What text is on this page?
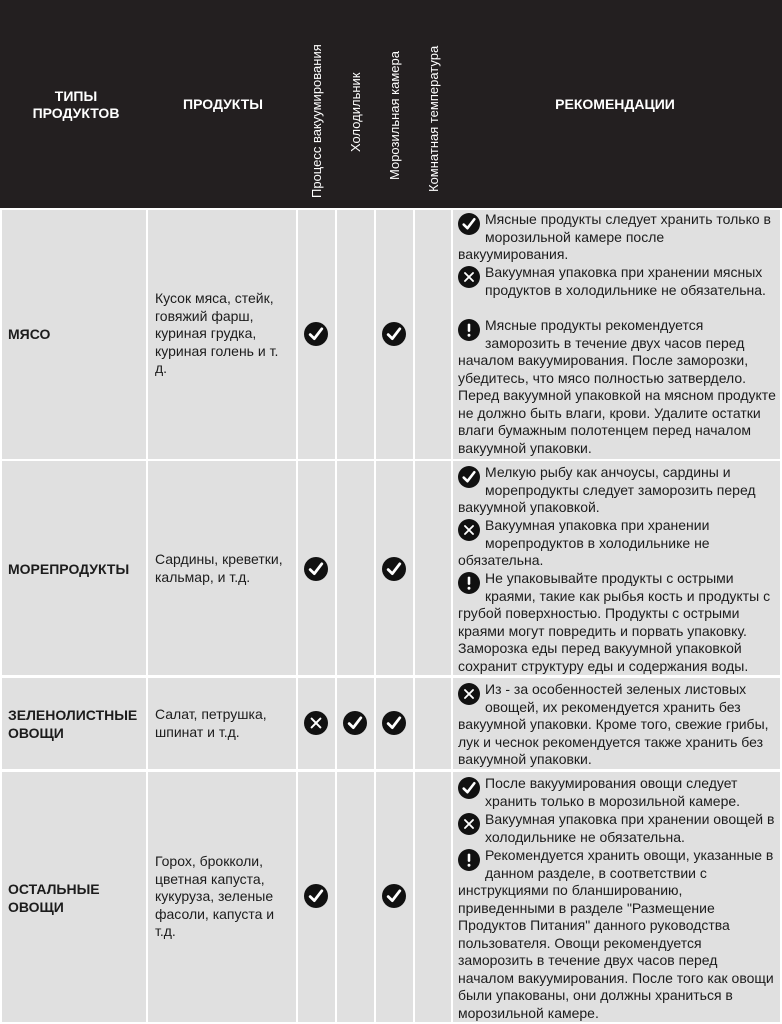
ТИПЫ ПРОДУКТОВ
ПРОДУКТЫ	Процесс вакуумирования Холодильник Морозильная камера Комнатная температура	РЕКОМЕНДАЦИИ
МЯСО
Кусок мяса, стейк, говяжий фарш, куриная грудка, куриная голень и т. д.
Мясные продукты следует хранить только в морозильной камере после вакуумирования.
Вакуумная упаковка при хранении мясных продуктов в холодильнике не обязательна.
Мясные продукты рекомендуется заморозить в течение двух часов перед началом вакуумирования. После заморозки, убедитесь, что мясо полностью затвердело. Перед вакуумной упаковкой на мясном продукте не должно быть влаги, крови. Удалите остатки влаги бумажным полотенцем перед началом вакуумной упаковки.
МОРЕПРОДУКТЫ
Сардины, креветки, кальмар, и т.д.
Мелкую рыбу как анчоусы, сардины и морепродукты следует заморозить перед вакуумной упаковкой.
Вакуумная упаковка при хранении морепродуктов в холодильнике не обязательна.
Не упаковывайте продукты с острыми краями, такие как рыбья кость и продукты с грубой поверхностью. Продукты с острыми краями могут повредить и порвать упаковку. Заморозка еды перед вакуумной упаковкой сохранит структуру еды и содержания воды.
ЗЕЛЕНОЛИСТНЫЕ ОВОЩИ
Салат, петрушка, шпинат и т.д.
Из - за особенностей зеленых листовых овощей, их рекомендуется хранить без вакуумной упаковки. Кроме того, свежие грибы, лук и чеснок рекомендуется также хранить без вакуумной упаковки.
ОСТАЛЬНЫЕ ОВОЩИ
Горох, брокколи, цветная капуста, кукуруза, зеленые фасоли, капуста и т.д.
После вакуумирования овощи следует хранить только в морозильной камере.
Вакуумная упаковка при хранении овощей в холодильнике не обязательна.
Рекомендуется хранить овощи, указанные в данном разделе, в соответствии с инструкциями по бланшированию, приведенными в разделе "Размещение Продуктов Питания" данного руководства пользователя. Овощи рекомендуется заморозить в течение двух часов перед началом вакуумирования. После того как овощи были упакованы, они должны храниться в морозильной камере.
